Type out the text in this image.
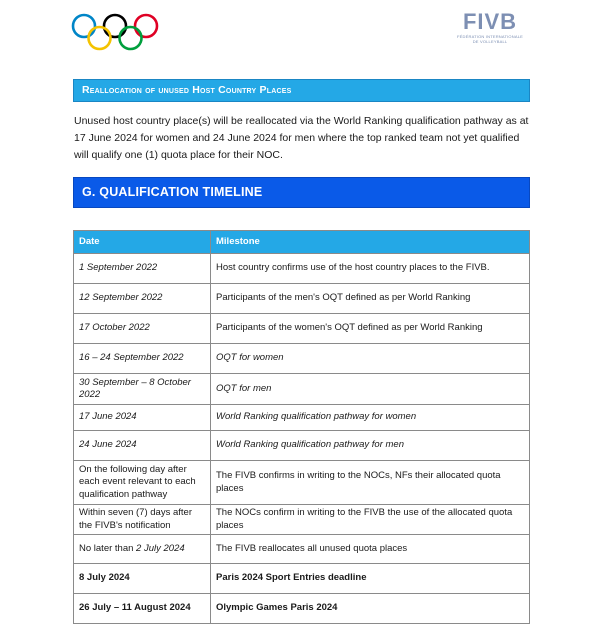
FIVB
FÉDÉRATION INTERNATIONALE
DE VOLLEYBALL
Reallocation of unused Host Country Places
Unused host country place(s) will be reallocated via the World Ranking qualification pathway as at 17 June 2024 for women and 24 June 2024 for men where the top ranked team not yet qualified will qualify one (1) quota place for their NOC.
G. QUALIFICATION TIMELINE
Date	Milestone
1 September 2022	Host country confirms use of the host country places to the FIVB.
12 September 2022	Participants of the men's OQT defined as per World Ranking
17 October 2022	Participants of the women's OQT defined as per World Ranking
16 – 24 September 2022	OQT for women
30 September – 8 October 2022	OQT for men
17 June 2024	World Ranking qualification pathway for women
24 June 2024	World Ranking qualification pathway for men
On the following day after each event relevant to each qualification pathway	The FIVB confirms in writing to the NOCs, NFs their allocated quota places
Within seven (7) days after the FIVB's notification	The NOCs confirm in writing to the FIVB the use of the allocated quota places
No later than 2 July 2024	The FIVB reallocates all unused quota places
8 July 2024	Paris 2024 Sport Entries deadline
26 July – 11 August 2024	Olympic Games Paris 2024
